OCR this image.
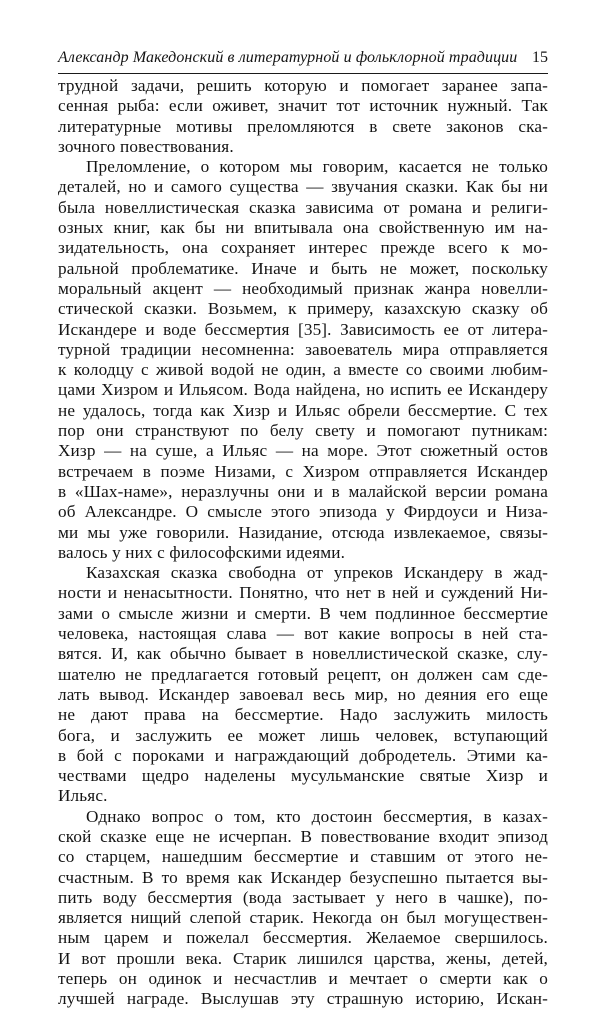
Александр Македонский в литературной и фольклорной традиции 15
трудной задачи, решить которую и помогает заранее запа-
сенная рыба: если оживет, значит тот источник нужный. Так
литературные мотивы преломляются в свете законов ска-
зочного повествования.
Преломление, о котором мы говорим, касается не только
деталей, но и самого существа — звучания сказки. Как бы ни
была новеллистическая сказка зависима от романа и религи-
озных книг, как бы ни впитывала она свойственную им на-
зидательность, она сохраняет интерес прежде всего к мо-
ральной проблематике. Иначе и быть не может, поскольку
моральный акцент — необходимый признак жанра новелли-
стической сказки. Возьмем, к примеру, казахскую сказку об
Искандере и воде бессмертия [35]. Зависимость ее от литера-
турной традиции несомненна: завоеватель мира отправляется
к колодцу с живой водой не один, а вместе со своими любим-
цами Хизром и Ильясом. Вода найдена, но испить ее Искандеру
не удалось, тогда как Хизр и Ильяс обрели бессмертие. С тех
пор они странствуют по белу свету и помогают путникам:
Хизр — на суше, а Ильяс — на море. Этот сюжетный остов
встречаем в поэме Низами, с Хизром отправляется Искандер
в «Шах-наме», неразлучны они и в малайской версии романа
об Александре. О смысле этого эпизода у Фирдоуси и Низа-
ми мы уже говорили. Назидание, отсюда извлекаемое, связы-
валось у них с философскими идеями.
Казахская сказка свободна от упреков Искандеру в жад-
ности и ненасытности. Понятно, что нет в ней и суждений Ни-
зами о смысле жизни и смерти. В чем подлинное бессмертие
человека, настоящая слава — вот какие вопросы в ней ста-
вятся. И, как обычно бывает в новеллистической сказке, слу-
шателю не предлагается готовый рецепт, он должен сам сде-
лать вывод. Искандер завоевал весь мир, но деяния его еще
не дают права на бессмертие. Надо заслужить милость
бога, и заслужить ее может лишь человек, вступающий
в бой с пороками и награждающий добродетель. Этими ка-
чествами щедро наделены мусульманские святые Хизр и
Ильяс.
Однако вопрос о том, кто достоин бессмертия, в казах-
ской сказке еще не исчерпан. В повествование входит эпизод
со старцем, нашедшим бессмертие и ставшим от этого не-
счастным. В то время как Искандер безуспешно пытается вы-
пить воду бессмертия (вода застывает у него в чашке), по-
является нищий слепой старик. Некогда он был могуществен-
ным царем и пожелал бессмертия. Желаемое свершилось.
И вот прошли века. Старик лишился царства, жены, детей,
теперь он одинок и несчастлив и мечтает о смерти как о
лучшей награде. Выслушав эту страшную историю, Искан-
